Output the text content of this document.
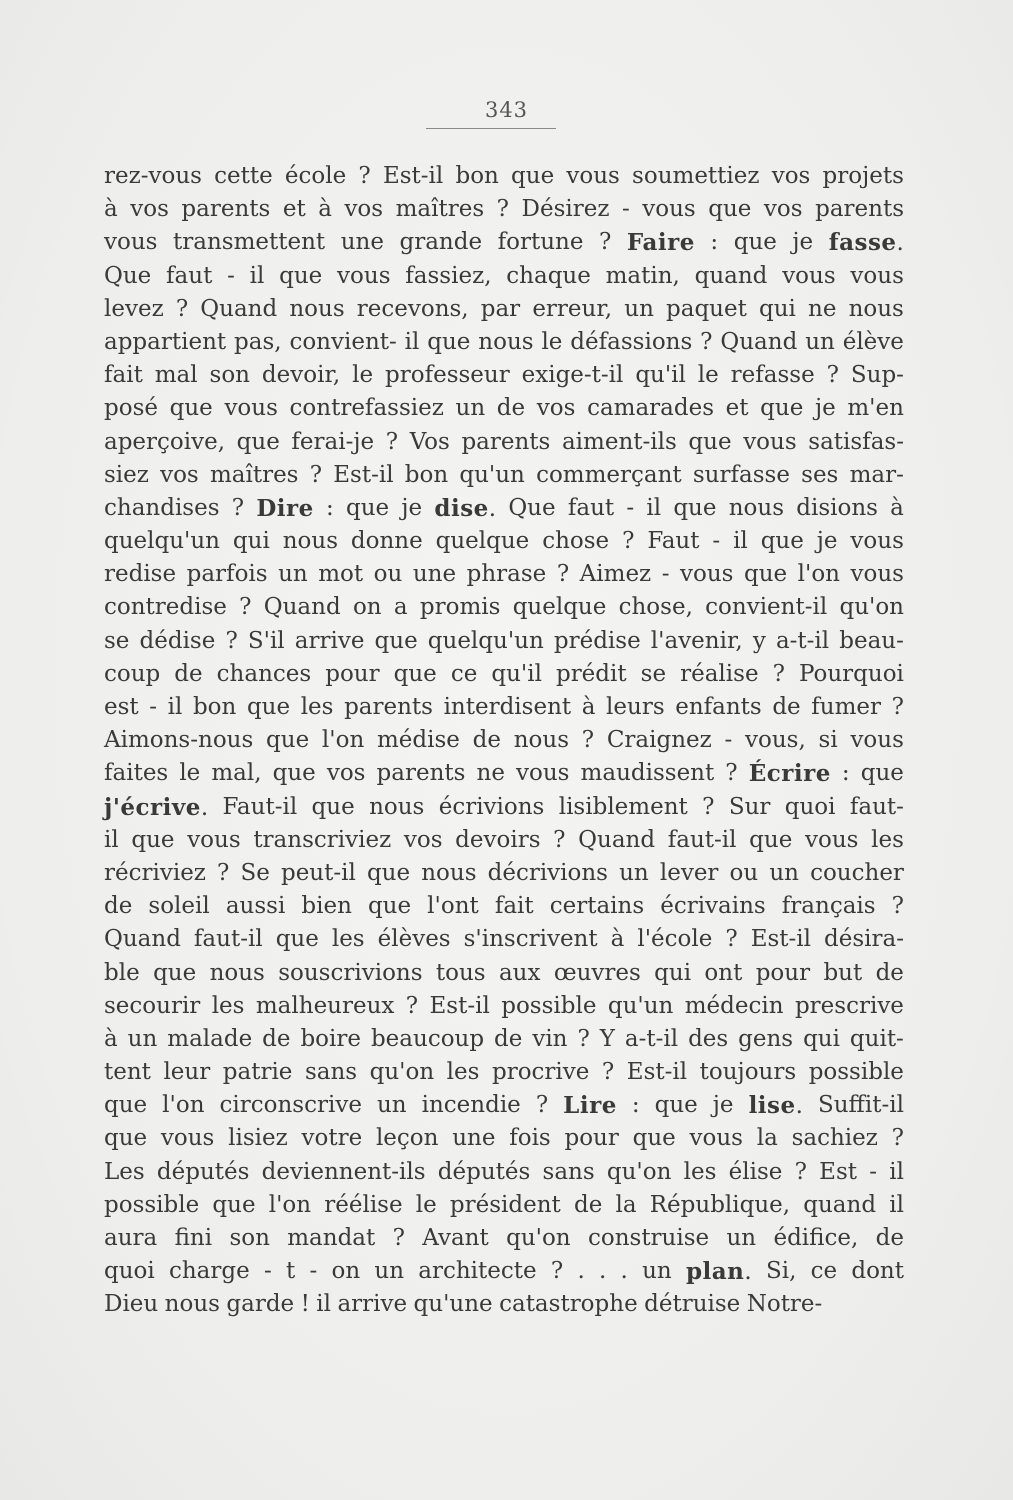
343
rez-vous cette école ? Est-il bon que vous soumettiez vos projets
à vos parents et à vos maîtres ? Désirez - vous que vos parents
vous transmettent une grande fortune ? Faire : que je fasse.
Que faut - il que vous fassiez, chaque matin, quand vous vous
levez ? Quand nous recevons, par erreur, un paquet qui ne nous
appartient pas, convient- il que nous le défassions ? Quand un élève
fait mal son devoir, le professeur exige-t-il qu'il le refasse ? Sup-
posé que vous contrefassiez un de vos camarades et que je m'en
aperçoive, que ferai-je ? Vos parents aiment-ils que vous satisfas-
siez vos maîtres ? Est-il bon qu'un commerçant surfasse ses mar-
chandises ? Dire : que je dise. Que faut - il que nous disions à
quelqu'un qui nous donne quelque chose ? Faut - il que je vous
redise parfois un mot ou une phrase ? Aimez - vous que l'on vous
contredise ? Quand on a promis quelque chose, convient-il qu'on
se dédise ? S'il arrive que quelqu'un prédise l'avenir, y a-t-il beau-
coup de chances pour que ce qu'il prédit se réalise ? Pourquoi
est - il bon que les parents interdisent à leurs enfants de fumer ?
Aimons-nous que l'on médise de nous ? Craignez - vous, si vous
faites le mal, que vos parents ne vous maudissent ? Écrire : que
j'écrive. Faut-il que nous écrivions lisiblement ? Sur quoi faut-
il que vous transcriviez vos devoirs ? Quand faut-il que vous les
récriviez ? Se peut-il que nous décrivions un lever ou un coucher
de soleil aussi bien que l'ont fait certains écrivains français ?
Quand faut-il que les élèves s'inscrivent à l'école ? Est-il désira-
ble que nous souscrivions tous aux œuvres qui ont pour but de
secourir les malheureux ? Est-il possible qu'un médecin prescrive
à un malade de boire beaucoup de vin ? Y a-t-il des gens qui quit-
tent leur patrie sans qu'on les procrive ? Est-il toujours possible
que l'on circonscrive un incendie ? Lire : que je lise. Suffit-il
que vous lisiez votre leçon une fois pour que vous la sachiez ?
Les députés deviennent-ils députés sans qu'on les élise ? Est - il
possible que l'on réélise le président de la République, quand il
aura fini son mandat ? Avant qu'on construise un édifice, de
quoi charge - t - on un architecte ? . . . un plan. Si, ce dont
Dieu nous garde ! il arrive qu'une catastrophe détruise Notre-
